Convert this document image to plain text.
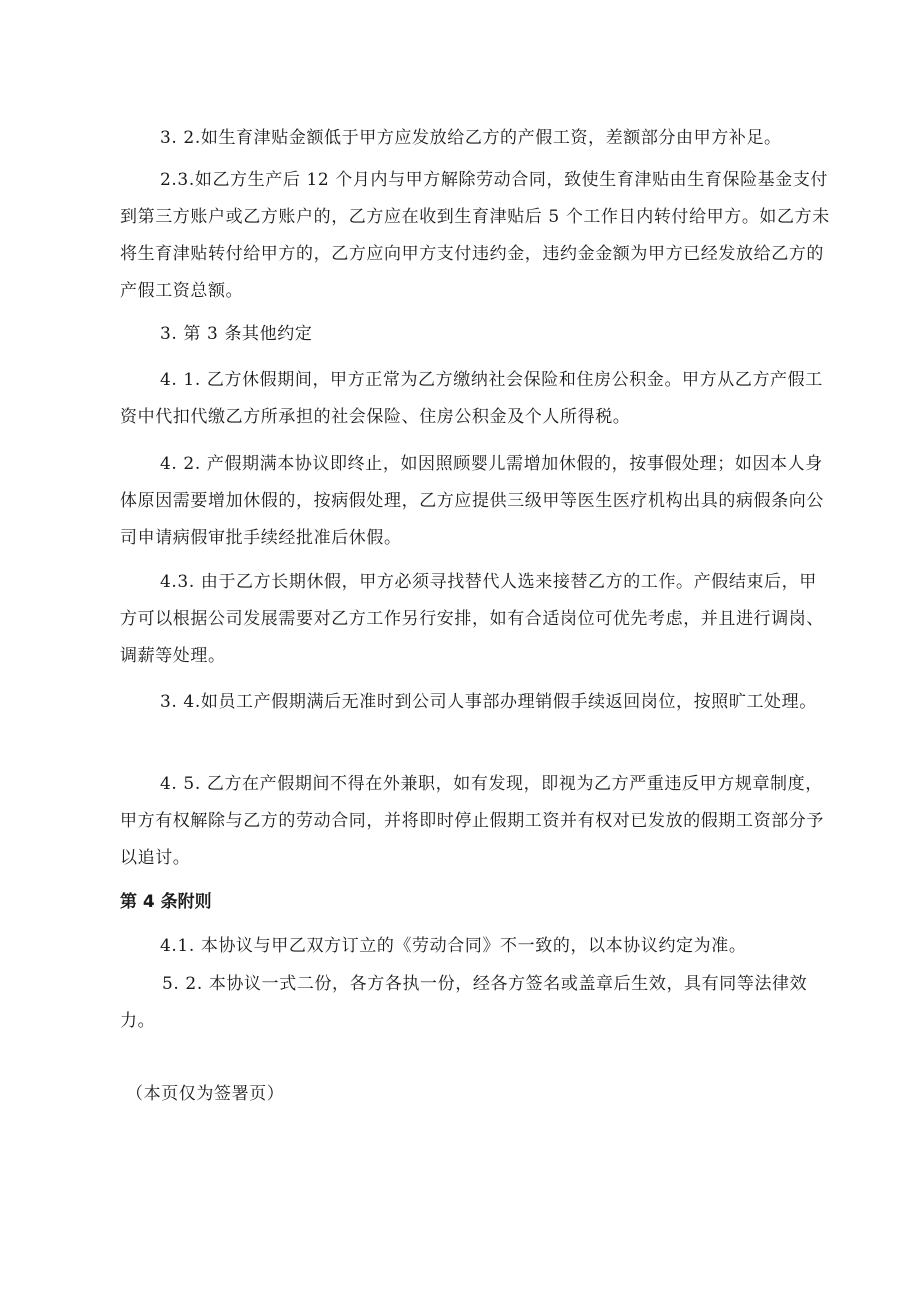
3. 2.如生育津贴金额低于甲方应发放给乙方的产假工资，差额部分由甲方补足。

2.3.如乙方生产后 12 个月内与甲方解除劳动合同，致使生育津贴由生育保险基金支付到第三方账户或乙方账户的，乙方应在收到生育津贴后 5 个工作日内转付给甲方。如乙方未将生育津贴转付给甲方的，乙方应向甲方支付违约金，违约金金额为甲方已经发放给乙方的产假工资总额。

3. 第 3 条其他约定

4. 1. 乙方休假期间，甲方正常为乙方缴纳社会保险和住房公积金。甲方从乙方产假工资中代扣代缴乙方所承担的社会保险、住房公积金及个人所得税。

4. 2. 产假期满本协议即终止，如因照顾婴儿需增加休假的，按事假处理；如因本人身体原因需要增加休假的，按病假处理，乙方应提供三级甲等医生医疗机构出具的病假条向公司申请病假审批手续经批准后休假。

4.3. 由于乙方长期休假，甲方必须寻找替代人选来接替乙方的工作。产假结束后，甲方可以根据公司发展需要对乙方工作另行安排，如有合适岗位可优先考虑，并且进行调岗、调薪等处理。

3. 4.如员工产假期满后无准时到公司人事部办理销假手续返回岗位，按照旷工处理。

4. 5. 乙方在产假期间不得在外兼职，如有发现，即视为乙方严重违反甲方规章制度，甲方有权解除与乙方的劳动合同，并将即时停止假期工资并有权对已发放的假期工资部分予以追讨。

第 4 条附则

4.1. 本协议与甲乙双方订立的《劳动合同》不一致的，以本协议约定为准。

5. 2. 本协议一式二份，各方各执一份，经各方签名或盖章后生效，具有同等法律效力。

（本页仅为签署页）
